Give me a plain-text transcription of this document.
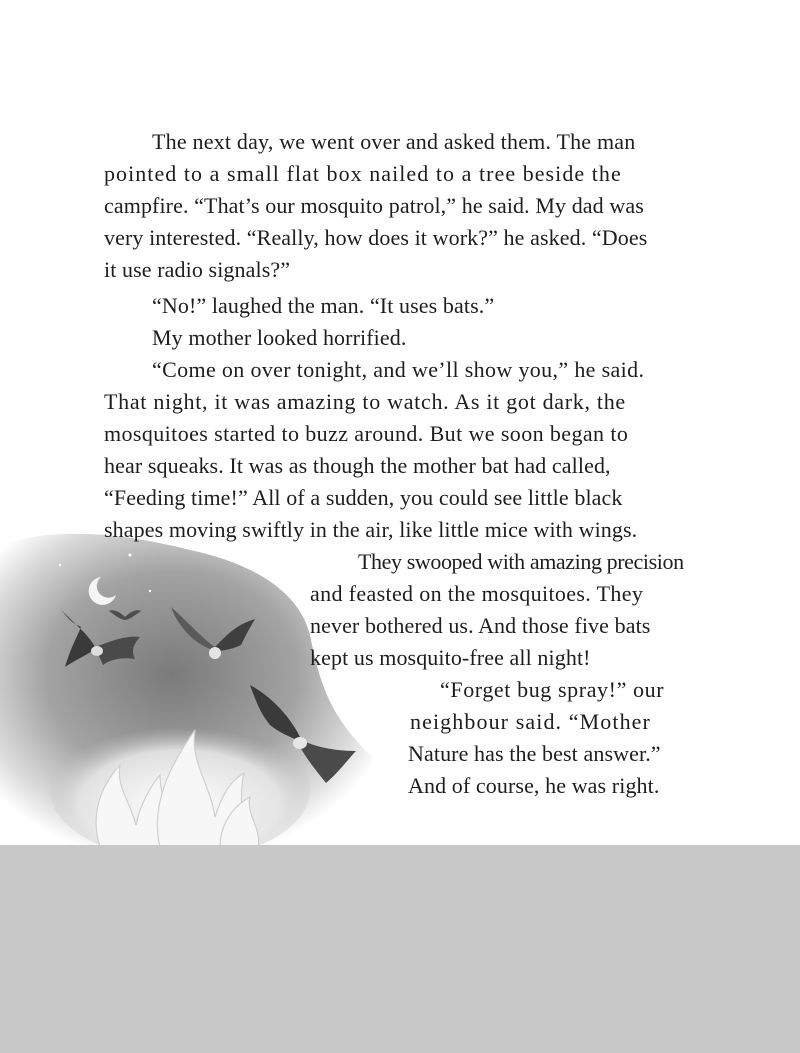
The next day, we went over and asked them. The man
pointed to a small flat box nailed to a tree beside the
campfire. “That’s our mosquito patrol,” he said. My dad was
very interested. “Really, how does it work?” he asked. “Does
it use radio signals?”
“No!” laughed the man. “It uses bats.”
My mother looked horrified.
“Come on over tonight, and we’ll show you,” he said.
That night, it was amazing to watch. As it got dark, the
mosquitoes started to buzz around. But we soon began to
hear squeaks. It was as though the mother bat had called,
“Feeding time!” All of a sudden, you could see little black
shapes moving swiftly in the air, like little mice with wings.
They swooped with amazing precision
and feasted on the mosquitoes. They
never bothered us. And those five bats
kept us mosquito-free all night!
“Forget bug spray!” our
neighbour said. “Mother
Nature has the best answer.”
And of course, he was right.
